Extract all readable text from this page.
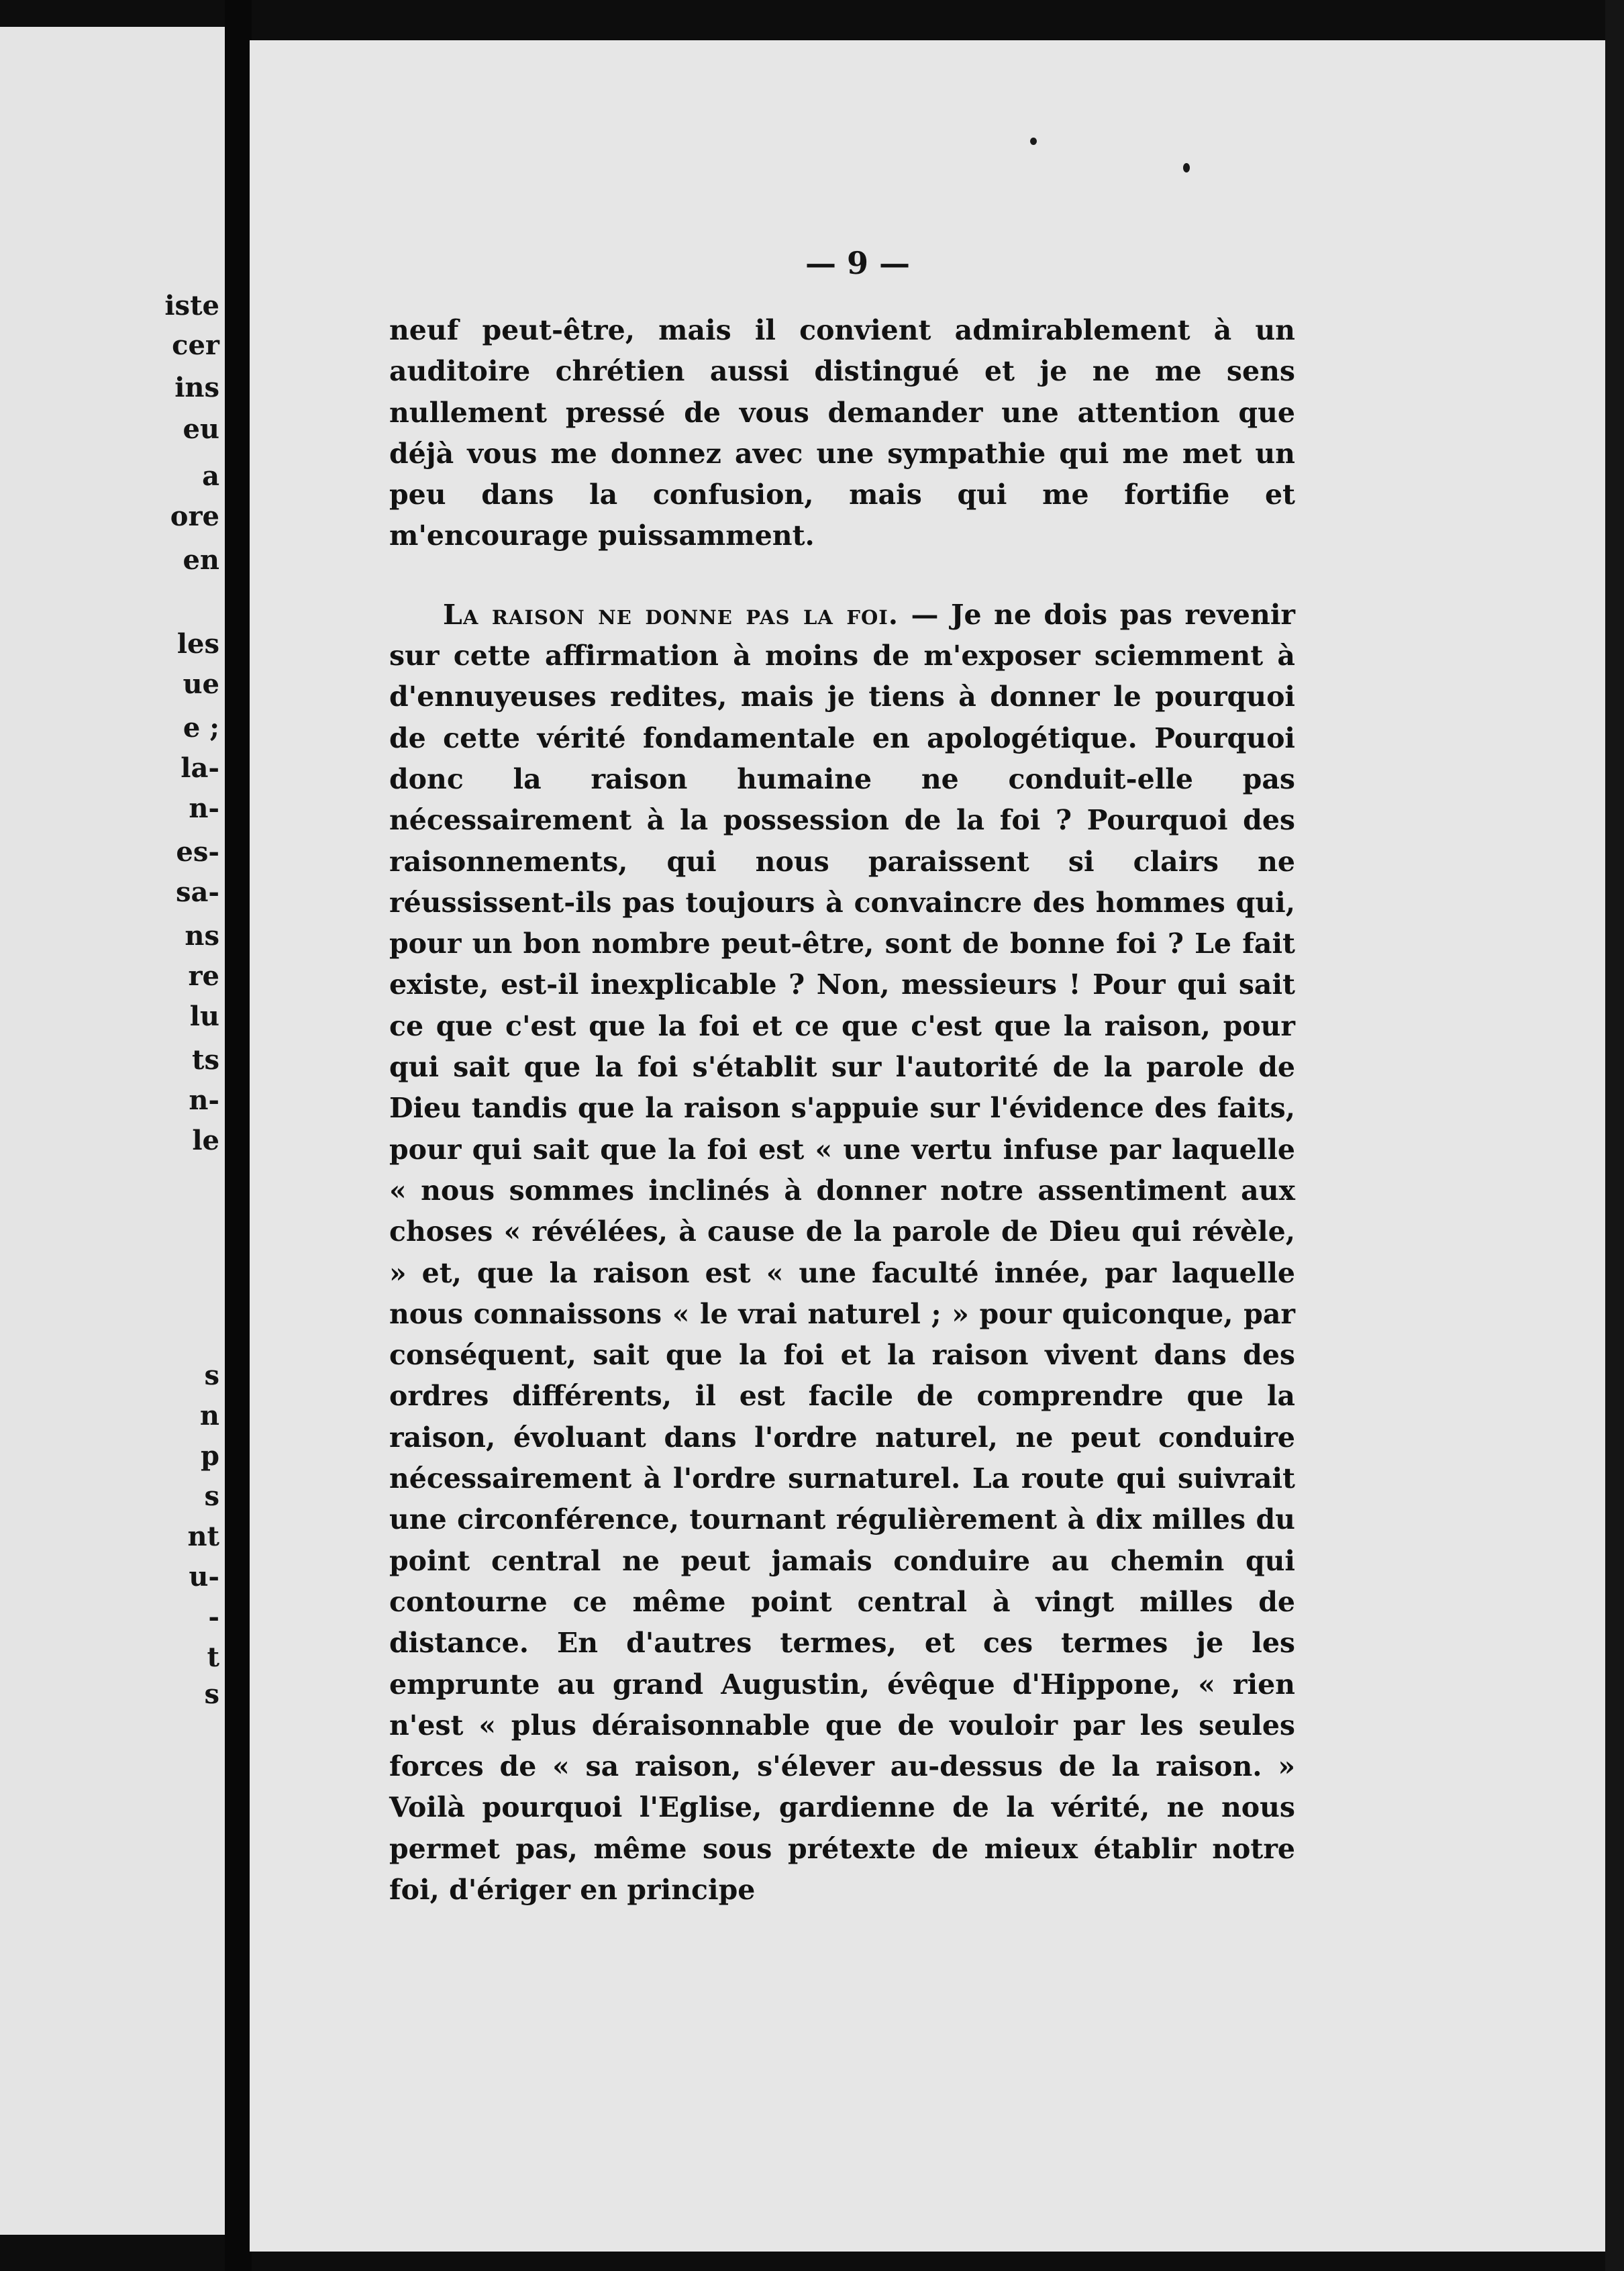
iste
cer
ins
eu
a
ore
en
les
ue
e ;
la-
n-
es-
sa-
ns
re
lu
ts
n-
le
s
n
p
s
nt
u-
-
t
s
— 9 —

neuf peut-être, mais il convient admirablement à un auditoire chrétien aussi distingué et je ne me sens nullement pressé de vous demander une attention que déjà vous me donnez avec une sympathie qui me met un peu dans la confusion, mais qui me fortifie et m'encourage puissamment.

La raison ne donne pas la foi. — Je ne dois pas revenir sur cette affirmation à moins de m'exposer sciemment à d'ennuyeuses redites, mais je tiens à donner le pourquoi de cette vérité fondamentale en apologétique. Pourquoi donc la raison humaine ne conduit-elle pas nécessairement à la possession de la foi ? Pourquoi des raisonnements, qui nous paraissent si clairs ne réussissent-ils pas toujours à convaincre des hommes qui, pour un bon nombre peut-être, sont de bonne foi ? Le fait existe, est-il inexplicable ? Non, messieurs ! Pour qui sait ce que c'est que la foi et ce que c'est que la raison, pour qui sait que la foi s'établit sur l'autorité de la parole de Dieu tandis que la raison s'appuie sur l'évidence des faits, pour qui sait que la foi est « une vertu infuse par laquelle « nous sommes inclinés à donner notre assentiment aux choses « révélées, à cause de la parole de Dieu qui révèle, » et, que la raison est « une faculté innée, par laquelle nous connaissons « le vrai naturel ; » pour quiconque, par conséquent, sait que la foi et la raison vivent dans des ordres différents, il est facile de comprendre que la raison, évoluant dans l'ordre naturel, ne peut conduire nécessairement à l'ordre surnaturel. La route qui suivrait une circonférence, tournant régulièrement à dix milles du point central ne peut jamais conduire au chemin qui contourne ce même point central à vingt milles de distance. En d'autres termes, et ces termes je les emprunte au grand Augustin, évêque d'Hippone, « rien n'est « plus déraisonnable que de vouloir par les seules forces de « sa raison, s'élever au-dessus de la raison. » Voilà pourquoi l'Eglise, gardienne de la vérité, ne nous permet pas, même sous prétexte de mieux établir notre foi, d'ériger en principe
